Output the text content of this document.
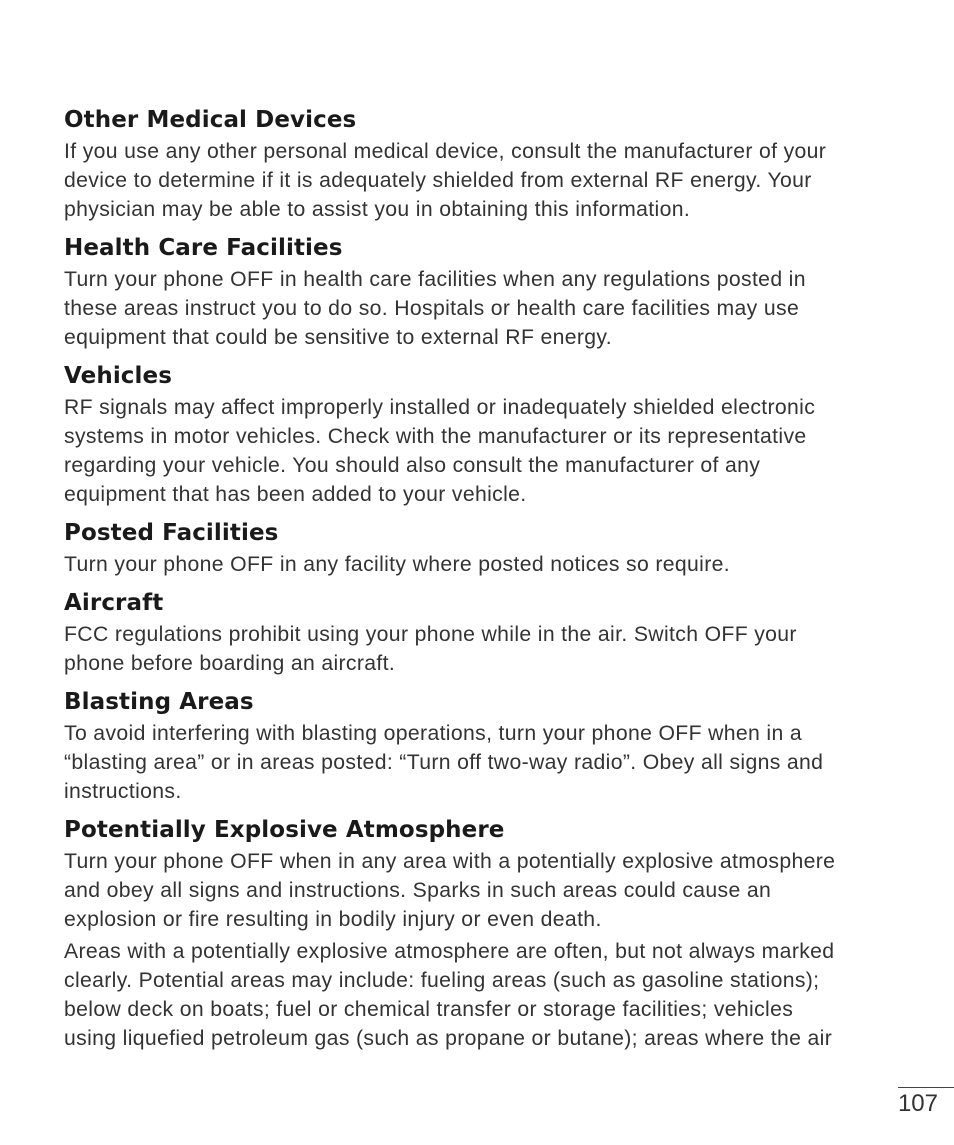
Other Medical Devices

If you use any other personal medical device, consult the manufacturer of your
device to determine if it is adequately shielded from external RF energy. Your
physician may be able to assist you in obtaining this information.

Health Care Facilities

Turn your phone OFF in health care facilities when any regulations posted in
these areas instruct you to do so. Hospitals or health care facilities may use
equipment that could be sensitive to external RF energy.

Vehicles

RF signals may affect improperly installed or inadequately shielded electronic
systems in motor vehicles. Check with the manufacturer or its representative
regarding your vehicle. You should also consult the manufacturer of any
equipment that has been added to your vehicle.

Posted Facilities

Turn your phone OFF in any facility where posted notices so require.

Aircraft

FCC regulations prohibit using your phone while in the air. Switch OFF your
phone before boarding an aircraft.

Blasting Areas

To avoid interfering with blasting operations, turn your phone OFF when in a
“blasting area” or in areas posted: “Turn off two-way radio”. Obey all signs and
instructions.

Potentially Explosive Atmosphere

Turn your phone OFF when in any area with a potentially explosive atmosphere
and obey all signs and instructions. Sparks in such areas could cause an
explosion or fire resulting in bodily injury or even death.

Areas with a potentially explosive atmosphere are often, but not always marked
clearly. Potential areas may include: fueling areas (such as gasoline stations);
below deck on boats; fuel or chemical transfer or storage facilities; vehicles
using liquefied petroleum gas (such as propane or butane); areas where the air

107
